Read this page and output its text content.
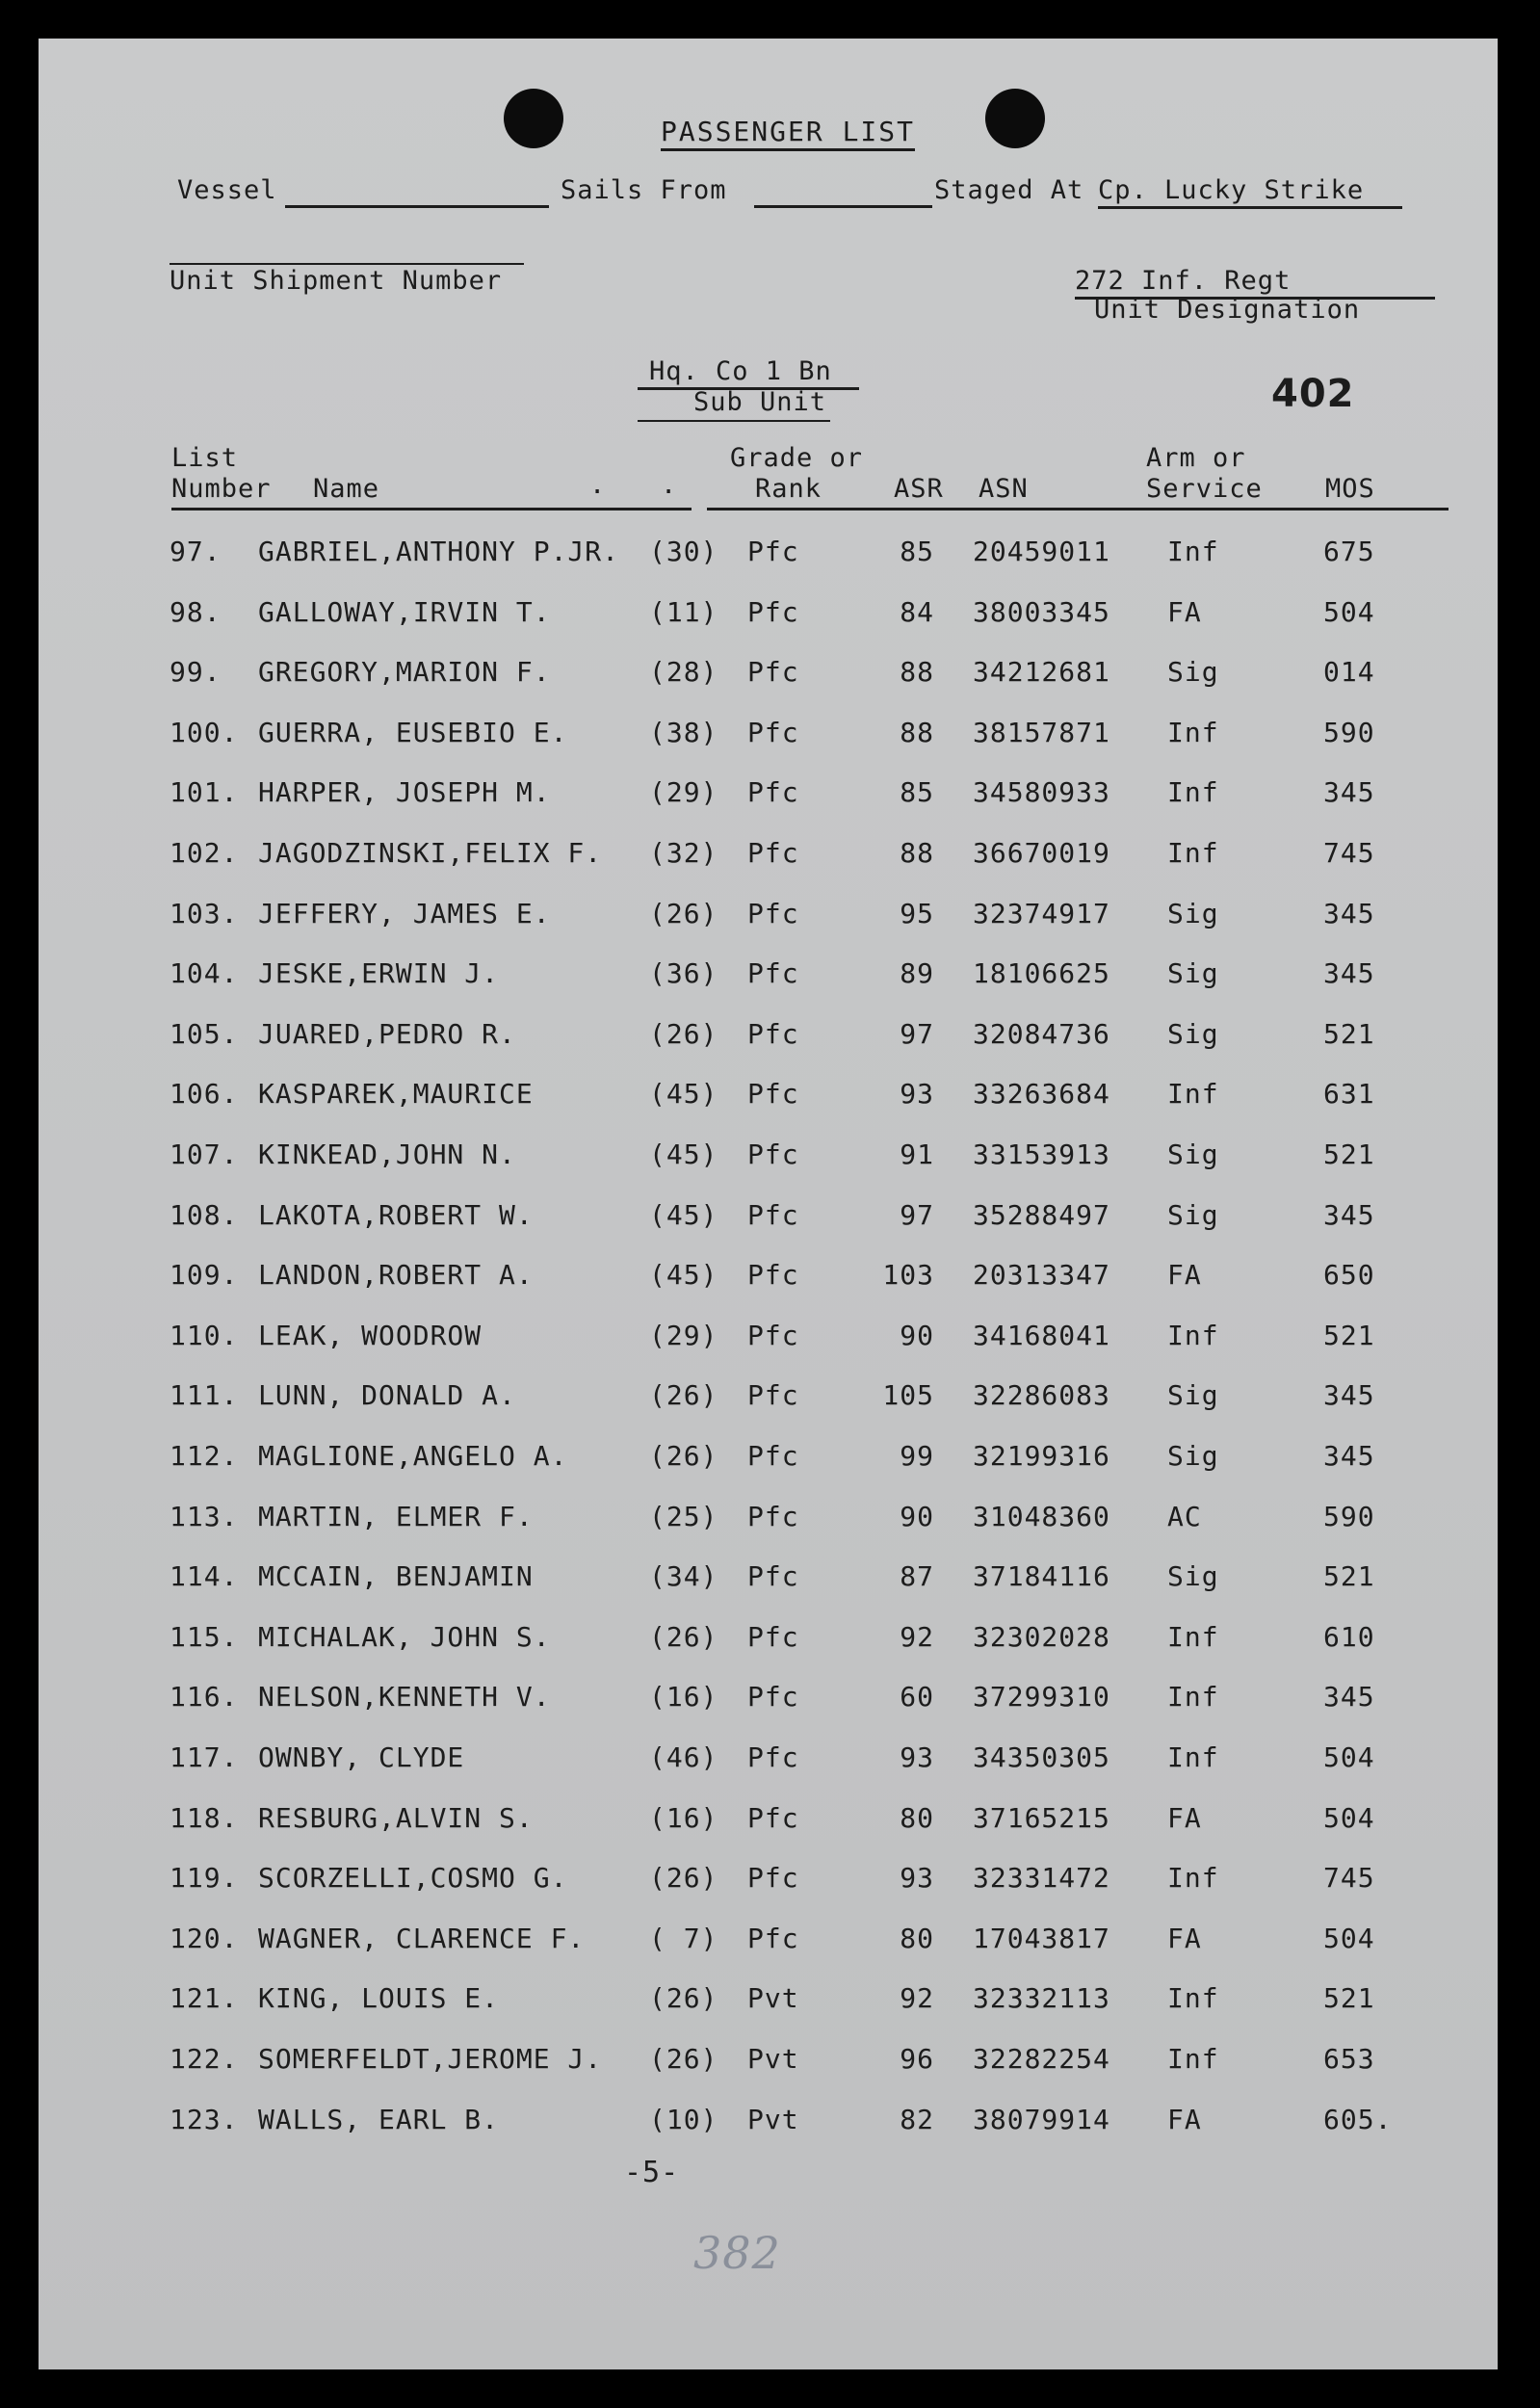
PASSENGER LIST
Vessel	Sails From	Staged At Cp. Lucky Strike
Unit Shipment Number	272 Inf. Regt
Unit Designation
Hq. Co 1 Bn
Sub Unit	402
List
Number Name	. .
Grade or
Rank	ASR ASN
Arm or
Service MOS
97. GABRIEL,ANTHONY P.JR. (30) Pfc	85 20459011 Inf	675
98. GALLOWAY,IRVIN T.	(11) Pfc	84 38003345 FA	504
99. GREGORY,MARION F.	(28) Pfc	88 34212681 Sig	014
100. GUERRA, EUSEBIO E.	(38) Pfc	88 38157871 Inf	590
101. HARPER, JOSEPH M.	(29) Pfc	85 34580933 Inf	345
102. JAGODZINSKI,FELIX F. (32) Pfc	88 36670019 Inf	745
103. JEFFERY, JAMES E.	(26) Pfc	95 32374917 Sig	345
104. JESKE,ERWIN J.	(36) Pfc	89 18106625 Sig	345
105. JUARED,PEDRO R.	(26) Pfc	97 32084736 Sig	521
106. KASPAREK,MAURICE	(45) Pfc	93 33263684 Inf	631
107. KINKEAD,JOHN N.	(45) Pfc	91 33153913 Sig	521
108. LAKOTA,ROBERT W.	(45) Pfc	97 35288497 Sig	345
109. LANDON,ROBERT A.	(45) Pfc	103 20313347 FA	650
110. LEAK, WOODROW	(29) Pfc	90 34168041 Inf	521
111. LUNN, DONALD A.	(26) Pfc	105 32286083 Sig	345
112. MAGLIONE,ANGELO A.	(26) Pfc	99 32199316 Sig	345
113. MARTIN, ELMER F.	(25) Pfc	90 31048360 AC	590
114. MCCAIN, BENJAMIN	(34) Pfc	87 37184116 Sig	521
115. MICHALAK, JOHN S.	(26) Pfc	92 32302028 Inf	610
116. NELSON,KENNETH V.	(16) Pfc	60 37299310 Inf	345
117. OWNBY, CLYDE	(46) Pfc	93 34350305 Inf	504
118. RESBURG,ALVIN S.	(16) Pfc	80 37165215 FA	504
119. SCORZELLI,COSMO G.	(26) Pfc	93 32331472 Inf	745
120. WAGNER, CLARENCE F. ( 7) Pfc	80 17043817 FA	504
121. KING, LOUIS E.	(26) Pvt	92 32332113 Inf	521
122. SOMERFELDT,JEROME J. (26) Pvt	96 32282254 Inf	653
123. WALLS, EARL B.	(10) Pvt	82 38079914 FA	605.
-5-
382
